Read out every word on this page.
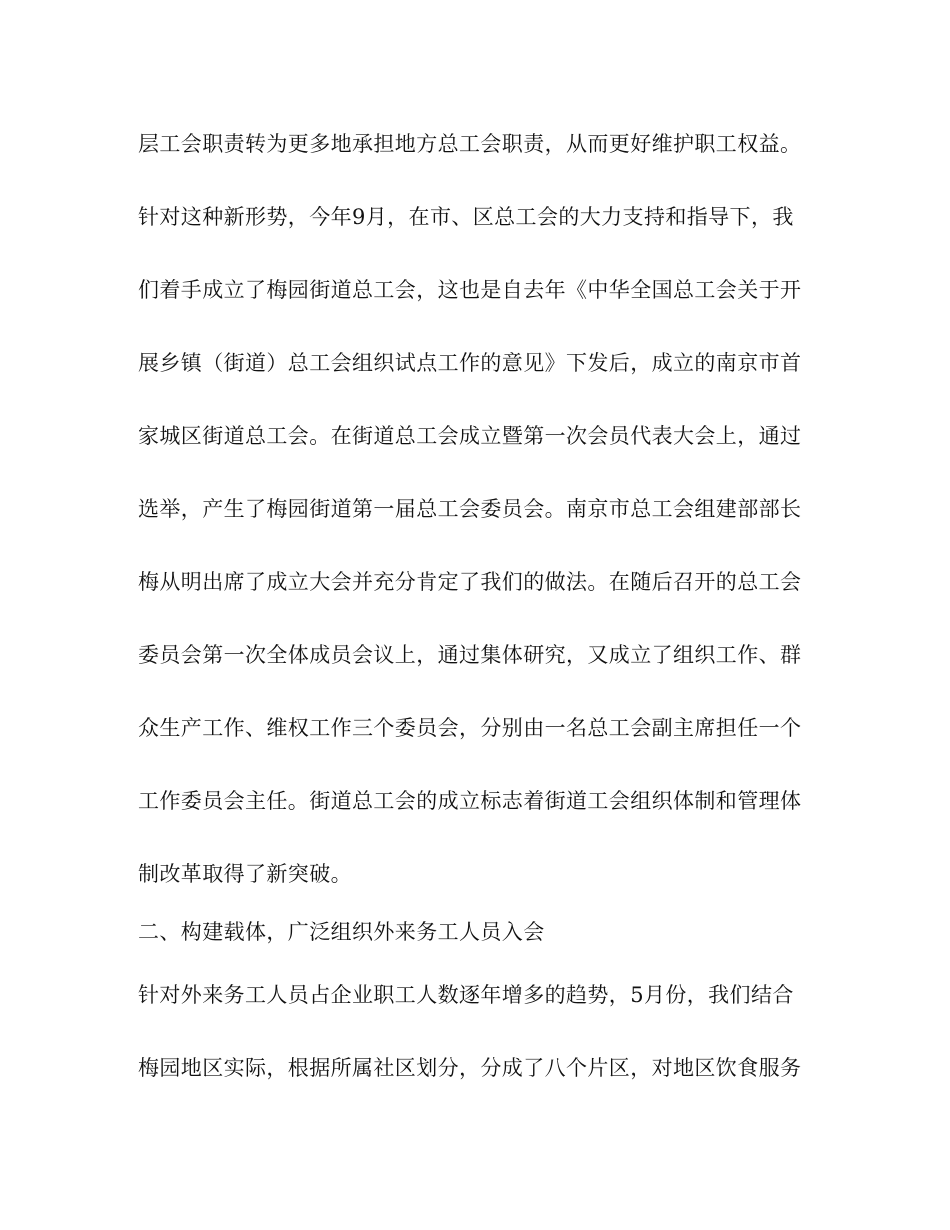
层工会职责转为更多地承担地方总工会职责，从而更好维护职工权益。
针对这种新形势，今年9月，在市、区总工会的大力支持和指导下，我
们着手成立了梅园街道总工会，这也是自去年《中华全国总工会关于开
展乡镇（街道）总工会组织试点工作的意见》下发后，成立的南京市首
家城区街道总工会。在街道总工会成立暨第一次会员代表大会上，通过
选举，产生了梅园街道第一届总工会委员会。南京市总工会组建部部长
梅从明出席了成立大会并充分肯定了我们的做法。在随后召开的总工会
委员会第一次全体成员会议上，通过集体研究，又成立了组织工作、群
众生产工作、维权工作三个委员会，分别由一名总工会副主席担任一个
工作委员会主任。街道总工会的成立标志着街道工会组织体制和管理体
制改革取得了新突破。
二、构建载体，广泛组织外来务工人员入会
针对外来务工人员占企业职工人数逐年增多的趋势，5月份，我们结合
梅园地区实际，根据所属社区划分，分成了八个片区，对地区饮食服务
